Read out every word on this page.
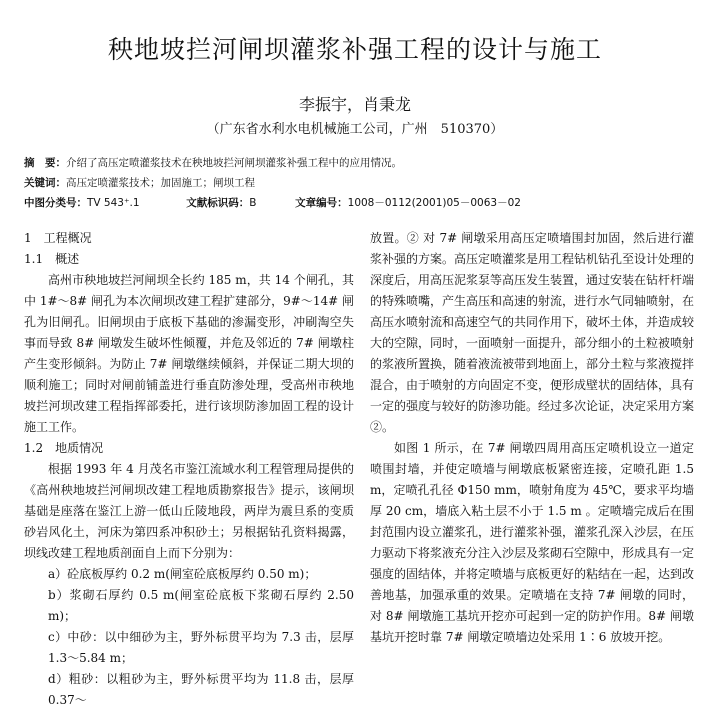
秧地坡拦河闸坝灌浆补强工程的设计与施工
李振宇，肖秉龙
（广东省水利水电机械施工公司，广州　510370）
摘　要：介绍了高压定喷灌浆技术在秧地坡拦河闸坝灌浆补强工程中的应用情况。
关键词：高压定喷灌浆技术；加固施工；闸坝工程
中图分类号：TV 543⁺.1	文献标识码：B	文章编号：1008－0112(2001)05－0063－02
1　工程概况
1.1　概述

高州市秧地坡拦河闸坝全长约 185 m，共 14 个闸孔，其中 1#～8# 闸孔为本次闸坝改建工程扩建部分，9#～14# 闸孔为旧闸孔。旧闸坝由于底板下基础的渗漏变形，冲刷淘空失事而导致 8# 闸墩发生破坏性倾覆，并危及邻近的 7# 闸墩柱产生变形倾斜。为防止 7# 闸墩继续倾斜，并保证二期大坝的顺利施工；同时对闸前铺盖进行垂直防渗处理，受高州市秧地坡拦河坝改建工程指挥部委托，进行该坝防渗加固工程的设计施工工作。

1.2　地质情况

根据 1993 年 4 月茂名市鉴江流域水利工程管理局提供的《高州秧地坡拦河闸坝改建工程地质勘察报告》提示，该闸坝基础是座落在鉴江上游一低山丘陵地段，两岸为震旦系的变质砂岩风化土，河床为第四系冲积砂土；另根据钻孔资料揭露，坝线改建工程地质剖面自上而下分别为：

a）砼底板厚约 0.2 m(闸室砼底板厚约 0.50 m)；

b）浆砌石厚约 0.5 m(闸室砼底板下浆砌石厚约 2.50 m)；

c）中砂：以中细砂为主，野外标贯平均为 7.3 击，层厚 1.3～5.84 m；

d）粗砂：以粗砂为主，野外标贯平均为 11.8 击，层厚 0.37～

放置。② 对 7# 闸墩采用高压定喷墙围封加固，然后进行灌浆补强的方案。高压定喷灌浆是用工程钻机钻孔至设计处理的深度后，用高压泥浆泵等高压发生装置，通过安装在钻杆杆端的特殊喷嘴，产生高压和高速的射流，进行水气同轴喷射，在高压水喷射流和高速空气的共同作用下，破坏土体，并造成较大的空隙，同时，一面喷射一面提升，部分细小的土粒被喷射的浆液所置换，随着液流被带到地面上，部分土粒与浆液搅拌混合，由于喷射的方向固定不变，便形成壁状的固结体，具有一定的强度与较好的防渗功能。经过多次论证，决定采用方案②。

如图 1 所示，在 7# 闸墩四周用高压定喷机设立一道定喷围封墙，并使定喷墙与闸墩底板紧密连接，定喷孔距 1.5 m，定喷孔孔径 Φ150 mm，喷射角度为 45℃，要求平均墙厚 20 cm，墙底入粘土层不小于 1.5 m 。定喷墙完成后在围封范围内设立灌浆孔，进行灌浆补强，灌浆孔深入沙层，在压力驱动下将浆液充分注入沙层及浆砌石空隙中，形成具有一定强度的固结体，并将定喷墙与底板更好的粘结在一起，达到改善地基，加强承重的效果。定喷墙在支持 7# 闸墩的同时，对 8# 闸墩施工基坑开挖亦可起到一定的防护作用。8# 闸墩基坑开挖时靠 7# 闸墩定喷墙边处采用 1∶6 放坡开挖。
